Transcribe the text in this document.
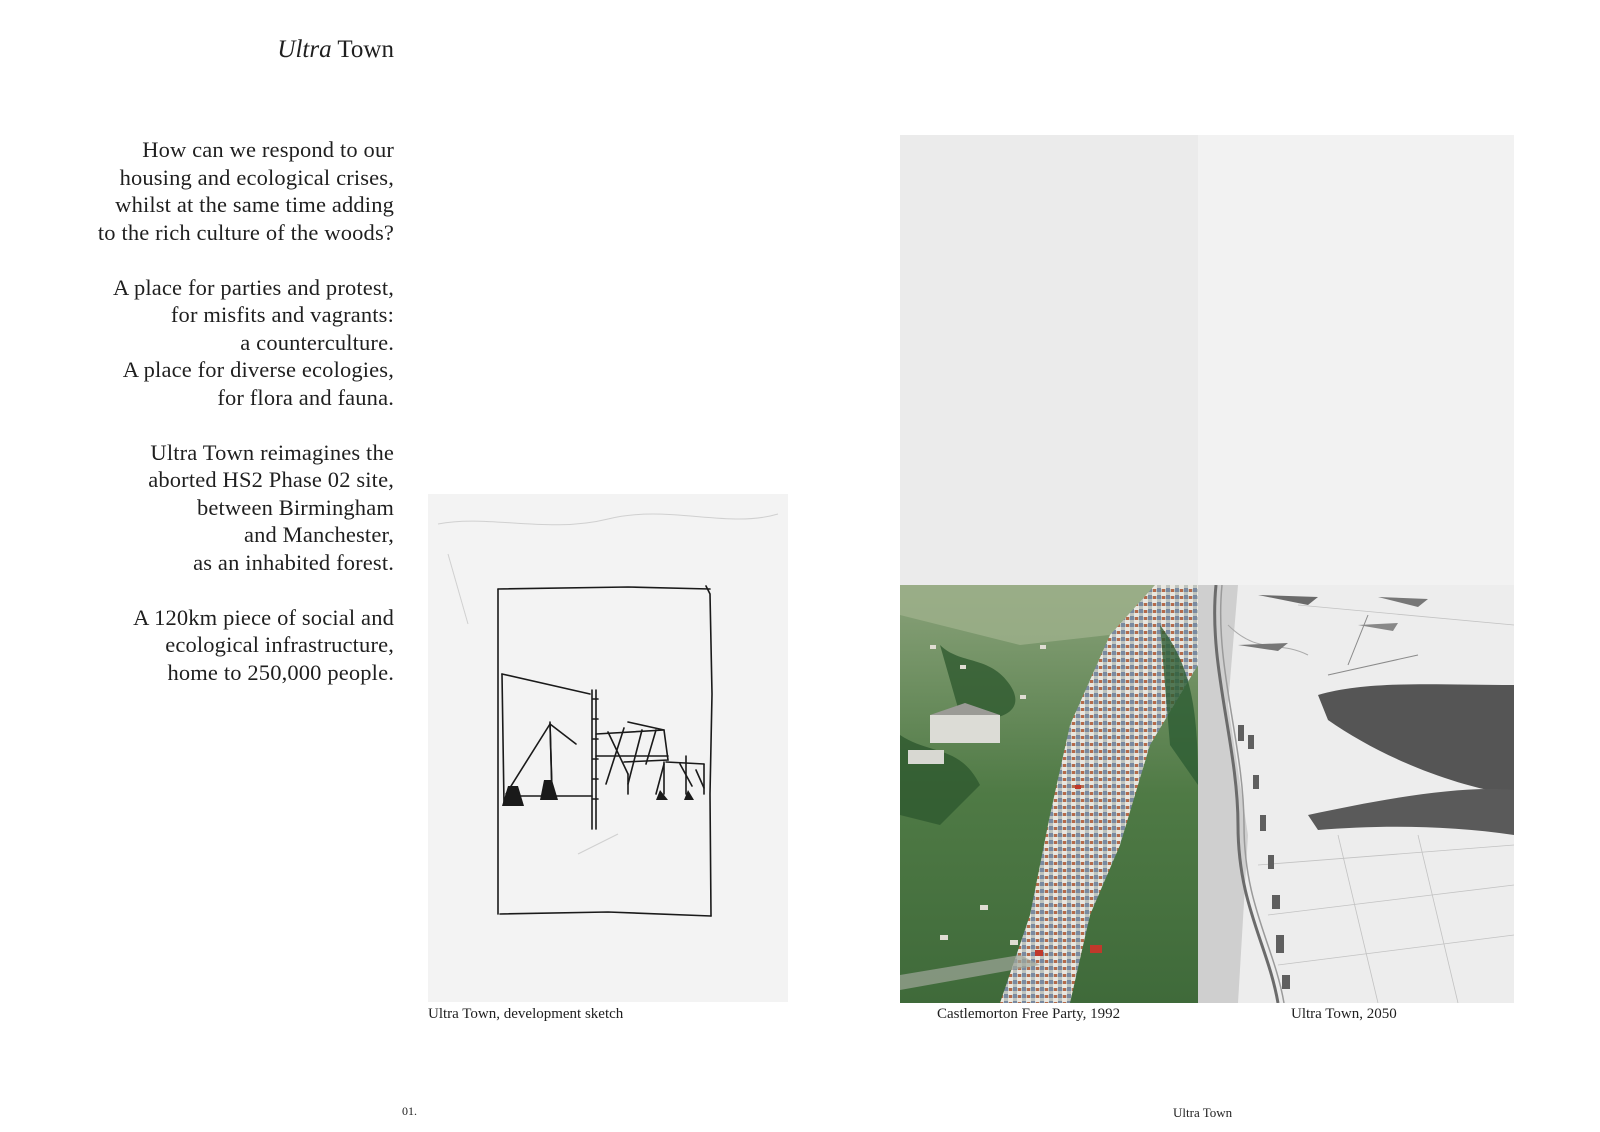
Ultra Town
How can we respond to our
housing and ecological crises,
whilst at the same time adding
to the rich culture of the woods?
A place for parties and protest,
for misfits and vagrants:
a counterculture.
A place for diverse ecologies,
for flora and fauna.
Ultra Town reimagines the
aborted HS2 Phase 02 site,
between Birmingham
and Manchester,
as an inhabited forest.
A 120km piece of social and
ecological infrastructure,
home to 250,000 people.
Ultra Town, development sketch	Castlemorton Free Party, 1992	Ultra Town, 2050
01.	Ultra Town
